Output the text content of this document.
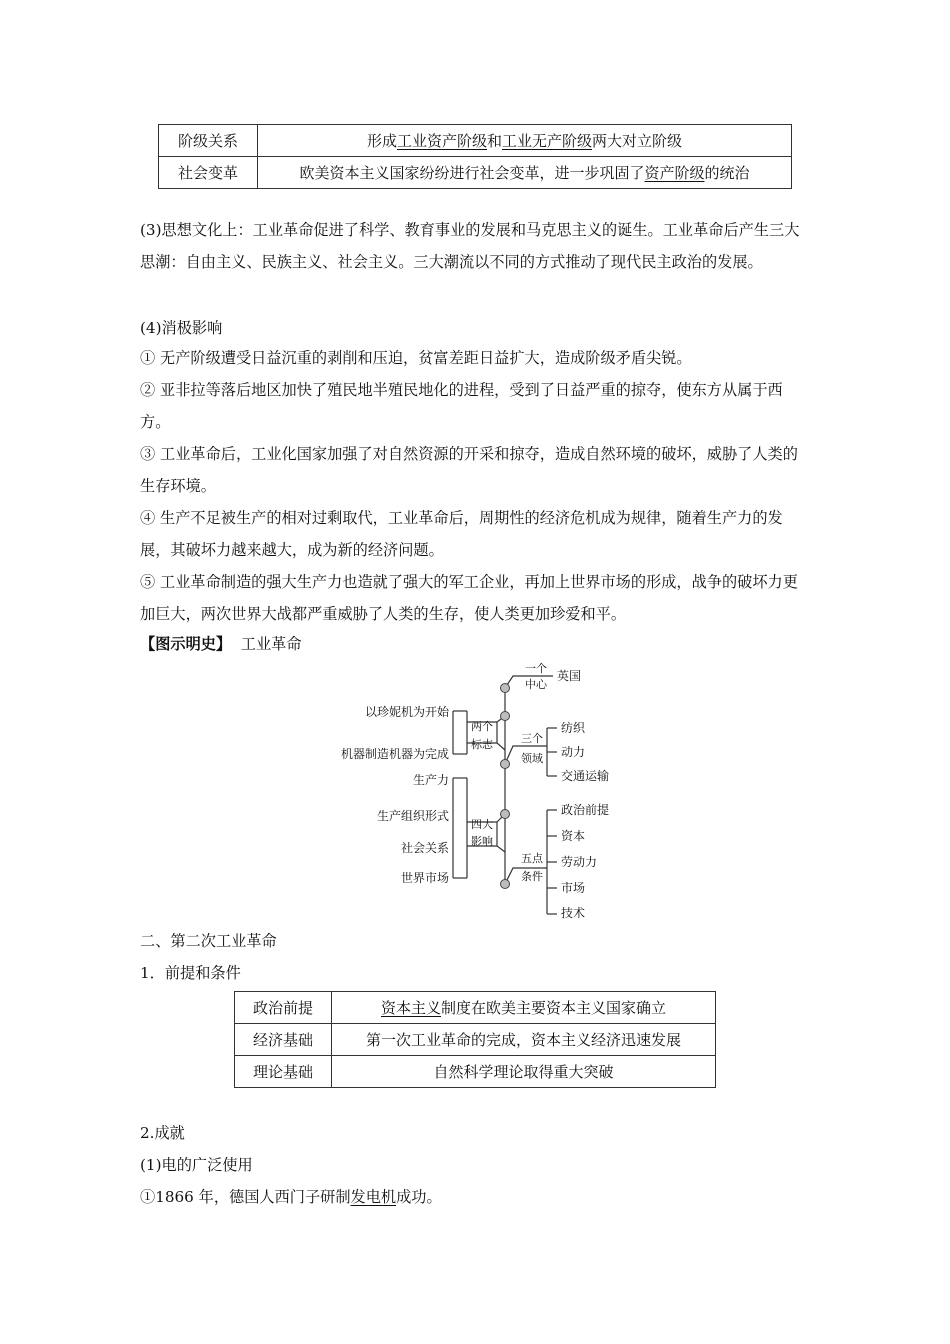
阶级关系	形成工业资产阶级和工业无产阶级两大对立阶级
社会变革	欧美资本主义国家纷纷进行社会变革，进一步巩固了资产阶级的统治

(3)思想文化上：工业革命促进了科学、教育事业的发展和马克思主义的诞生。工业革命后产生三大思潮：自由主义、民族主义、社会主义。三大潮流以不同的方式推动了现代民主政治的发展。

(4)消极影响

① 无产阶级遭受日益沉重的剥削和压迫，贫富差距日益扩大，造成阶级矛盾尖锐。

② 亚非拉等落后地区加快了殖民地半殖民地化的进程，受到了日益严重的掠夺，使东方从属于西方。

③ 工业革命后，工业化国家加强了对自然资源的开采和掠夺，造成自然环境的破坏，威胁了人类的生存环境。

④ 生产不足被生产的相对过剩取代，工业革命后，周期性的经济危机成为规律，随着生产力的发展，其破坏力越来越大，成为新的经济问题。

⑤ 工业革命制造的强大生产力也造就了强大的军工企业，再加上世界市场的形成，战争的破坏力更加巨大，两次世界大战都严重威胁了人类的生存，使人类更加珍爱和平。

【图示明史】 工业革命
一个
中心
英国
两个
标志
以珍妮机为开始
机器制造机器为完成
三个
领域
纺织
动力
交通运输
四大
影响
生产力
生产组织形式
社会关系
世界市场
五点
条件
政治前提
资本
劳动力
市场
技术
二、第二次工业革命
1．前提和条件
政治前提	资本主义制度在欧美主要资本主义国家确立
经济基础	第一次工业革命的完成，资本主义经济迅速发展
理论基础	自然科学理论取得重大突破
2.成就
(1)电的广泛使用
①1866 年，德国人西门子研制发电机成功。
